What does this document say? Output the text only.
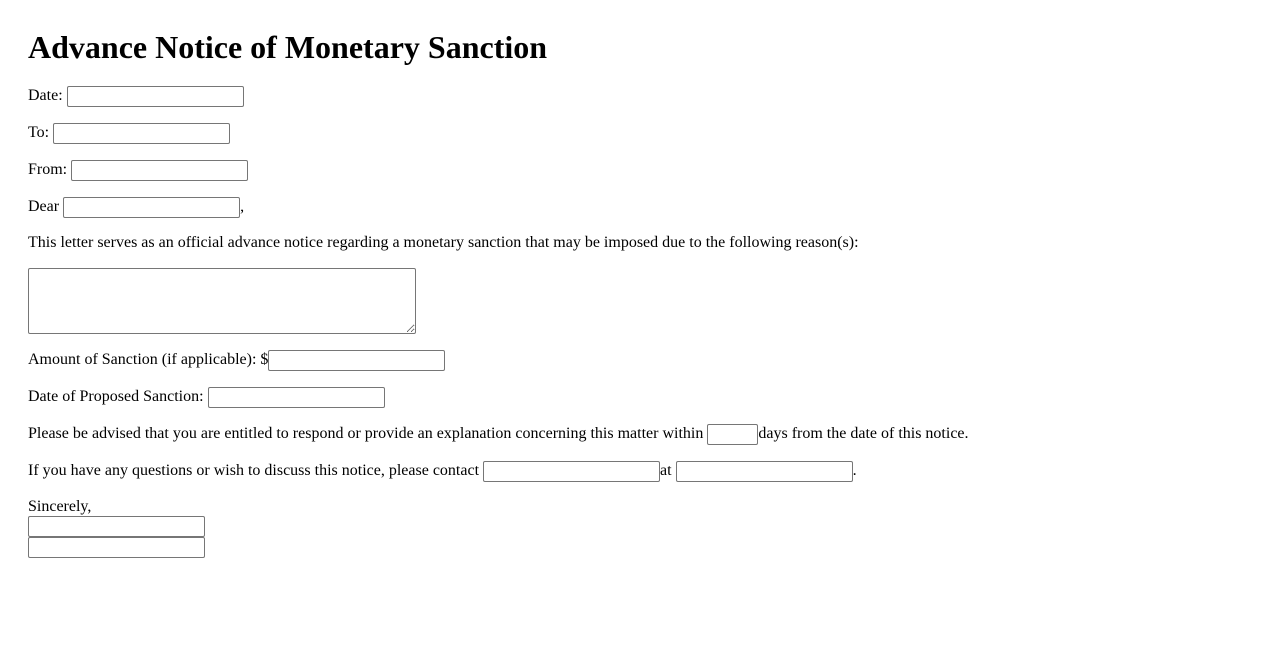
Advance Notice of Monetary Sanction
Date:
To:
From:
Dear	,
This letter serves as an official advance notice regarding a monetary sanction that may be imposed due to the following reason(s):
Amount of Sanction (if applicable): $
Date of Proposed Sanction:
Please be advised that you are entitled to respond or provide an explanation concerning this matter within	days from the date of this notice.
If you have any questions or wish to discuss this notice, please contact	at	.
Sincerely,
